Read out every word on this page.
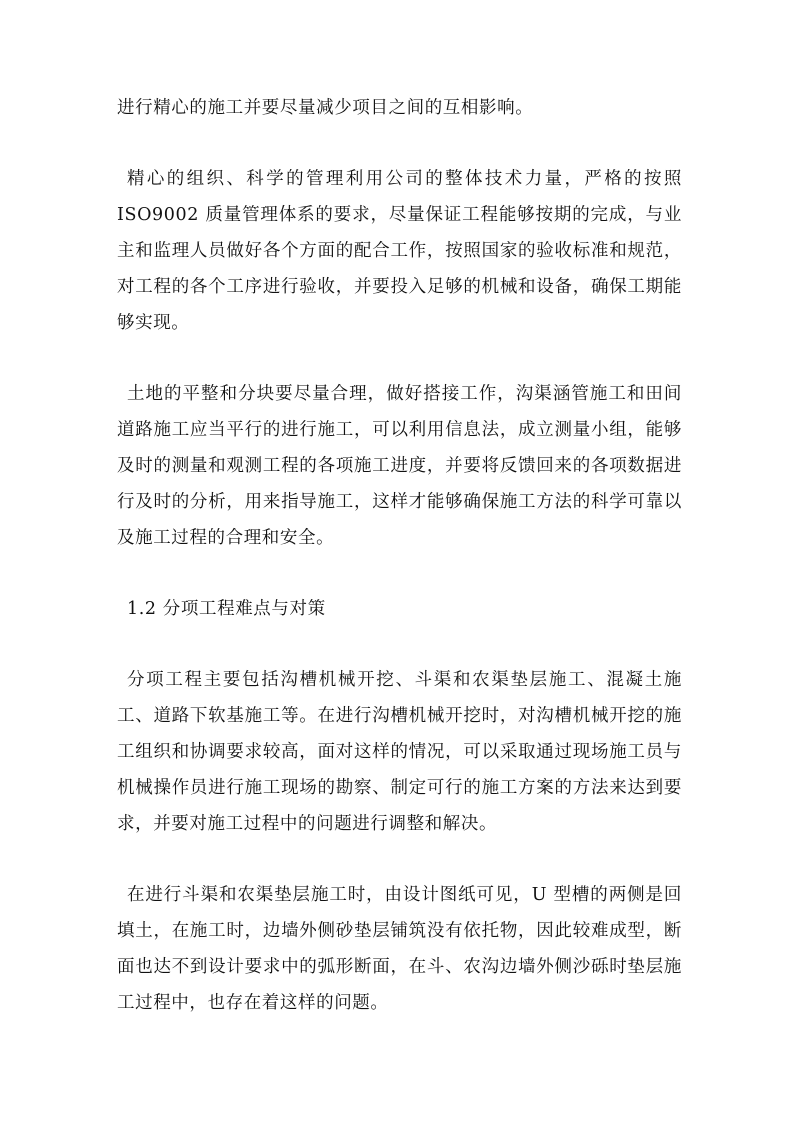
进行精心的施工并要尽量减少项目之间的互相影响。

精心的组织、科学的管理利用公司的整体技术力量，严格的按照ISO9002 质量管理体系的要求，尽量保证工程能够按期的完成，与业主和监理人员做好各个方面的配合工作，按照国家的验收标准和规范，对工程的各个工序进行验收，并要投入足够的机械和设备，确保工期能够实现。

土地的平整和分块要尽量合理，做好搭接工作，沟渠涵管施工和田间道路施工应当平行的进行施工，可以利用信息法，成立测量小组，能够及时的测量和观测工程的各项施工进度，并要将反馈回来的各项数据进行及时的分析，用来指导施工，这样才能够确保施工方法的科学可靠以及施工过程的合理和安全。

1.2 分项工程难点与对策

分项工程主要包括沟槽机械开挖、斗渠和农渠垫层施工、混凝土施工、道路下软基施工等。在进行沟槽机械开挖时，对沟槽机械开挖的施工组织和协调要求较高，面对这样的情况，可以采取通过现场施工员与机械操作员进行施工现场的勘察、制定可行的施工方案的方法来达到要求，并要对施工过程中的问题进行调整和解决。

在进行斗渠和农渠垫层施工时，由设计图纸可见，U 型槽的两侧是回填土，在施工时，边墙外侧砂垫层铺筑没有依托物，因此较难成型，断面也达不到设计要求中的弧形断面，在斗、农沟边墙外侧沙砾时垫层施工过程中，也存在着这样的问题。
